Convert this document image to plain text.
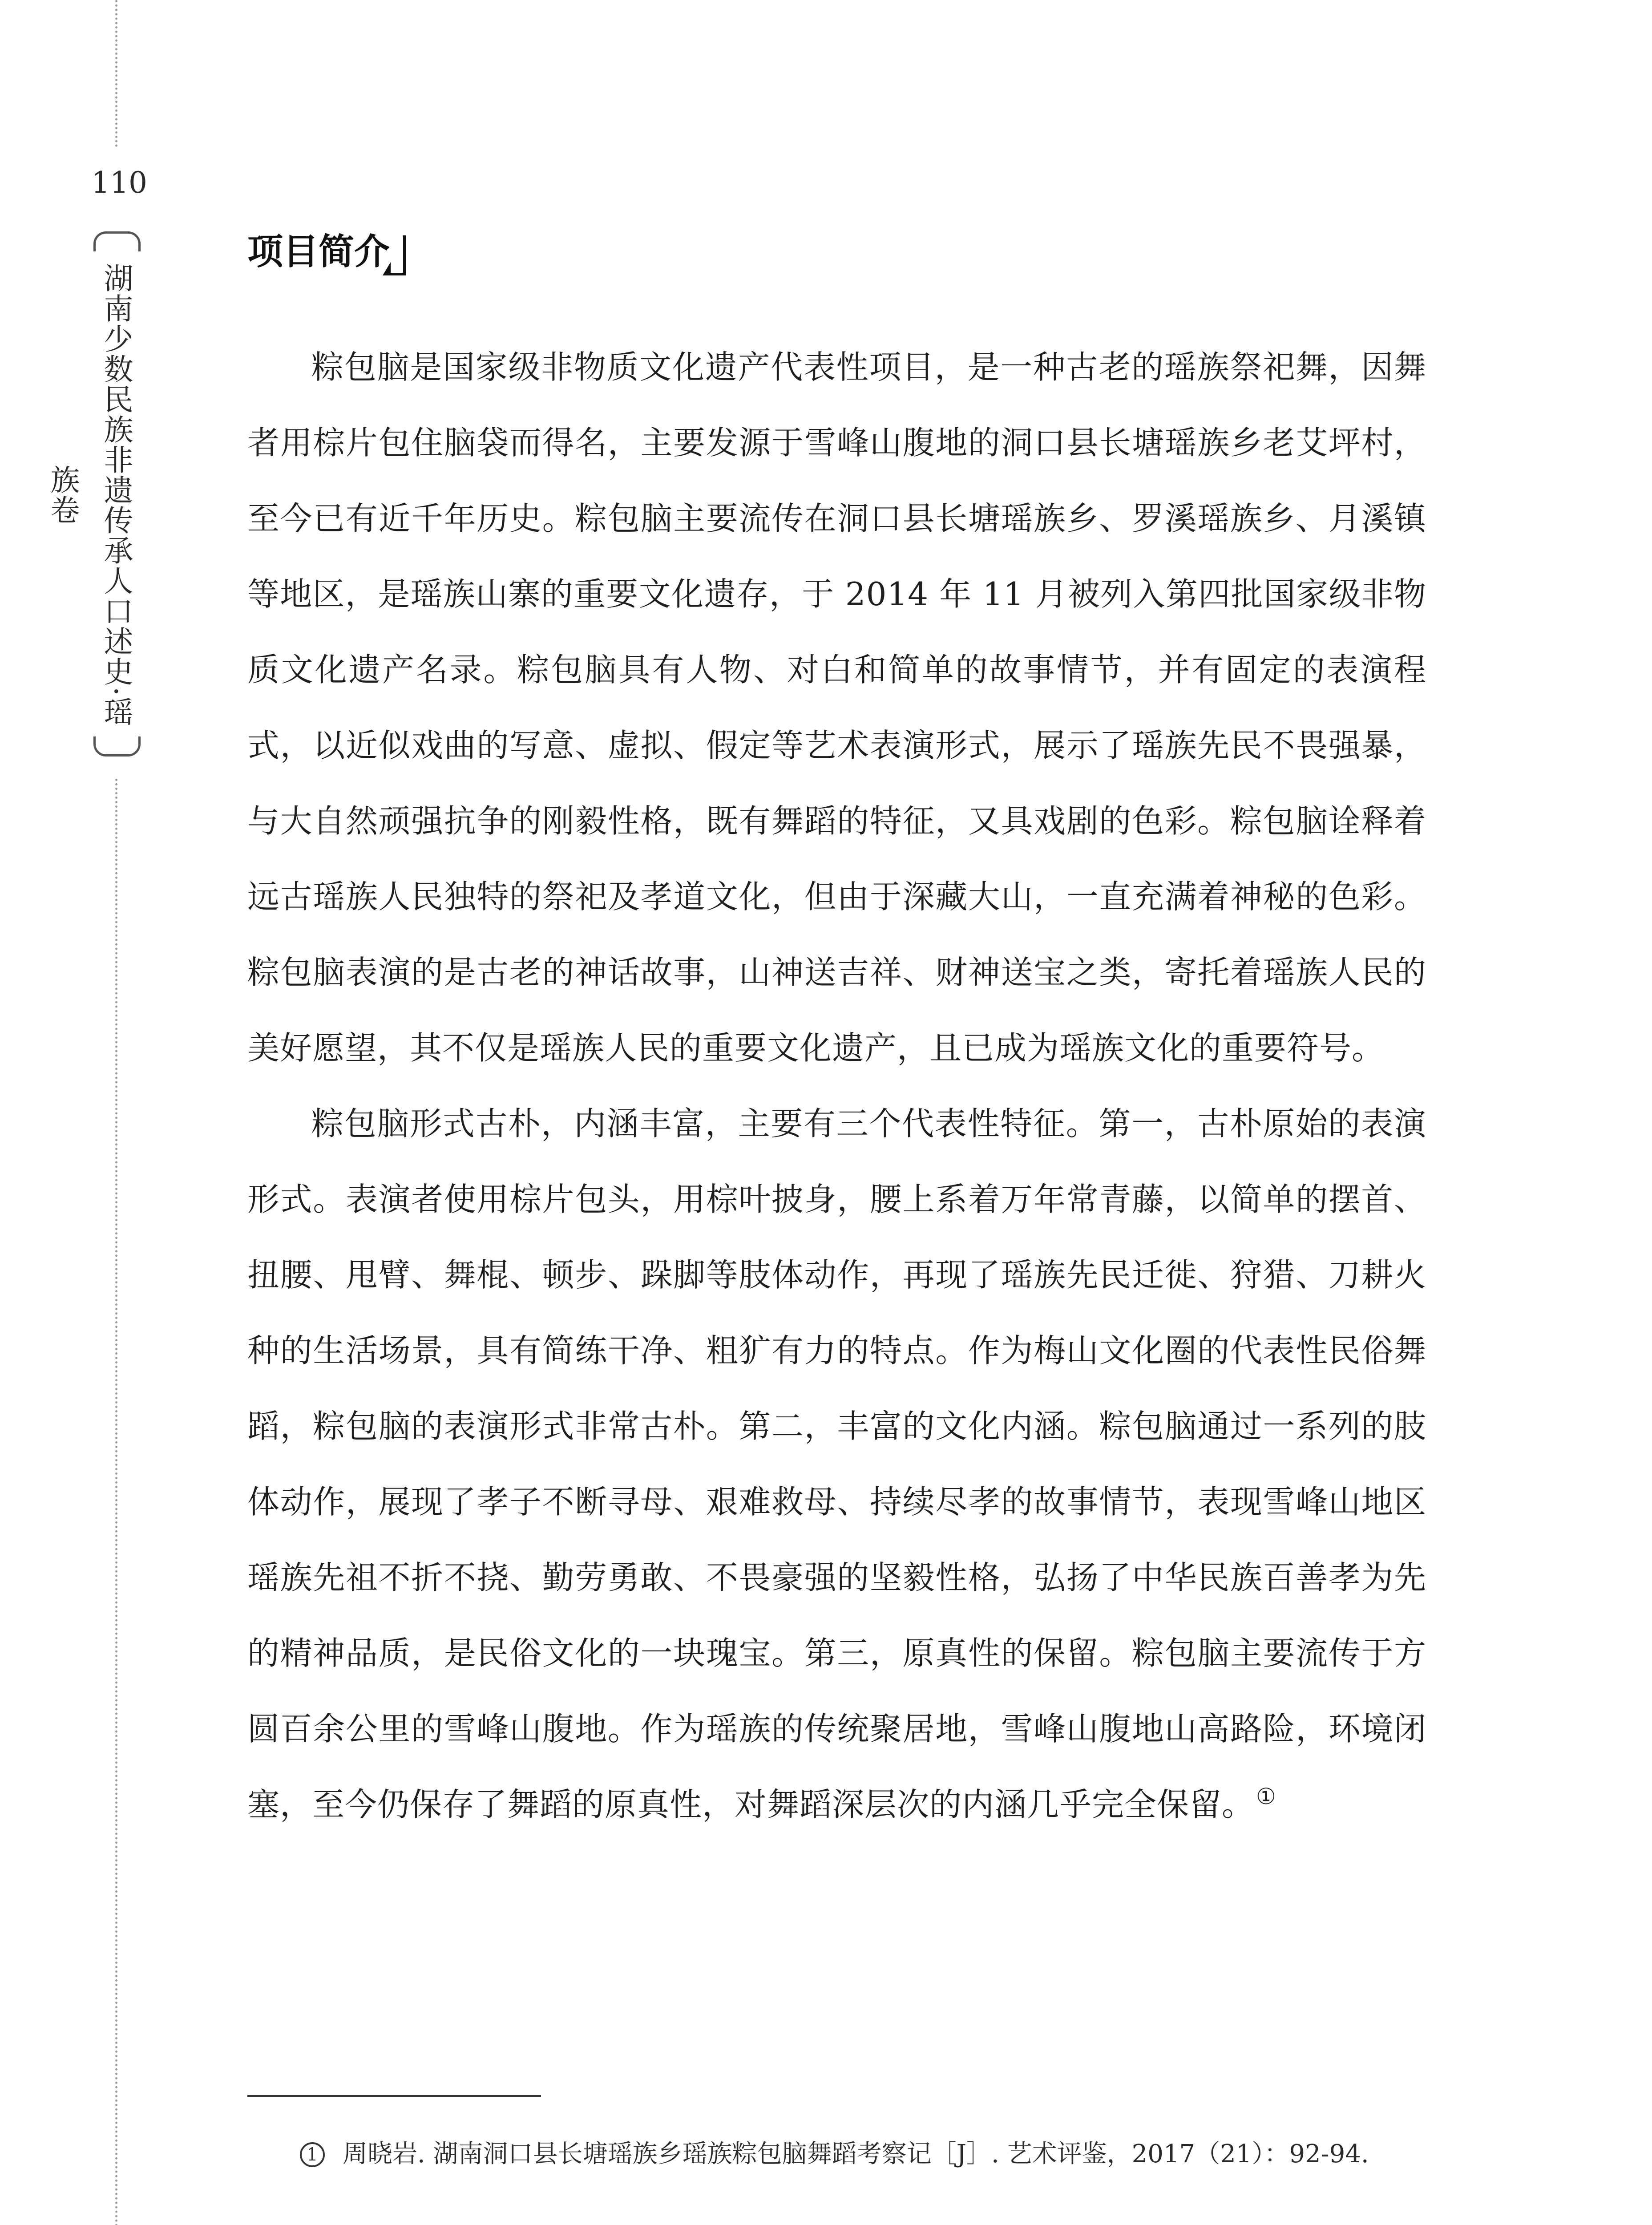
110
湖南少数民族非遗传承人口述史·瑶族卷
项目简介

粽包脑是国家级非物质文化遗产代表性项目，是一种古老的瑶族祭祀舞，因舞者用棕片包住脑袋而得名，主要发源于雪峰山腹地的洞口县长塘瑶族乡老艾坪村，至今已有近千年历史。粽包脑主要流传在洞口县长塘瑶族乡、罗溪瑶族乡、月溪镇等地区，是瑶族山寨的重要文化遗存，于 2014 年 11 月被列入第四批国家级非物质文化遗产名录。粽包脑具有人物、对白和简单的故事情节，并有固定的表演程式，以近似戏曲的写意、虚拟、假定等艺术表演形式，展示了瑶族先民不畏强暴，与大自然顽强抗争的刚毅性格，既有舞蹈的特征，又具戏剧的色彩。粽包脑诠释着远古瑶族人民独特的祭祀及孝道文化，但由于深藏大山，一直充满着神秘的色彩。粽包脑表演的是古老的神话故事，山神送吉祥、财神送宝之类，寄托着瑶族人民的美好愿望，其不仅是瑶族人民的重要文化遗产，且已成为瑶族文化的重要符号。

粽包脑形式古朴，内涵丰富，主要有三个代表性特征。第一，古朴原始的表演形式。表演者使用棕片包头，用棕叶披身，腰上系着万年常青藤，以简单的摆首、扭腰、甩臂、舞棍、顿步、跺脚等肢体动作，再现了瑶族先民迁徙、狩猎、刀耕火种的生活场景，具有简练干净、粗犷有力的特点。作为梅山文化圈的代表性民俗舞蹈，粽包脑的表演形式非常古朴。第二，丰富的文化内涵。粽包脑通过一系列的肢体动作，展现了孝子不断寻母、艰难救母、持续尽孝的故事情节，表现雪峰山地区瑶族先祖不折不挠、勤劳勇敢、不畏豪强的坚毅性格，弘扬了中华民族百善孝为先的精神品质，是民俗文化的一块瑰宝。第三，原真性的保留。粽包脑主要流传于方圆百余公里的雪峰山腹地。作为瑶族的传统聚居地，雪峰山腹地山高路险，环境闭塞，至今仍保存了舞蹈的原真性，对舞蹈深层次的内涵几乎完全保留。①

1 周晓岩. 湖南洞口县长塘瑶族乡瑶族粽包脑舞蹈考察记［J］. 艺术评鉴，2017（21）：92-94.
